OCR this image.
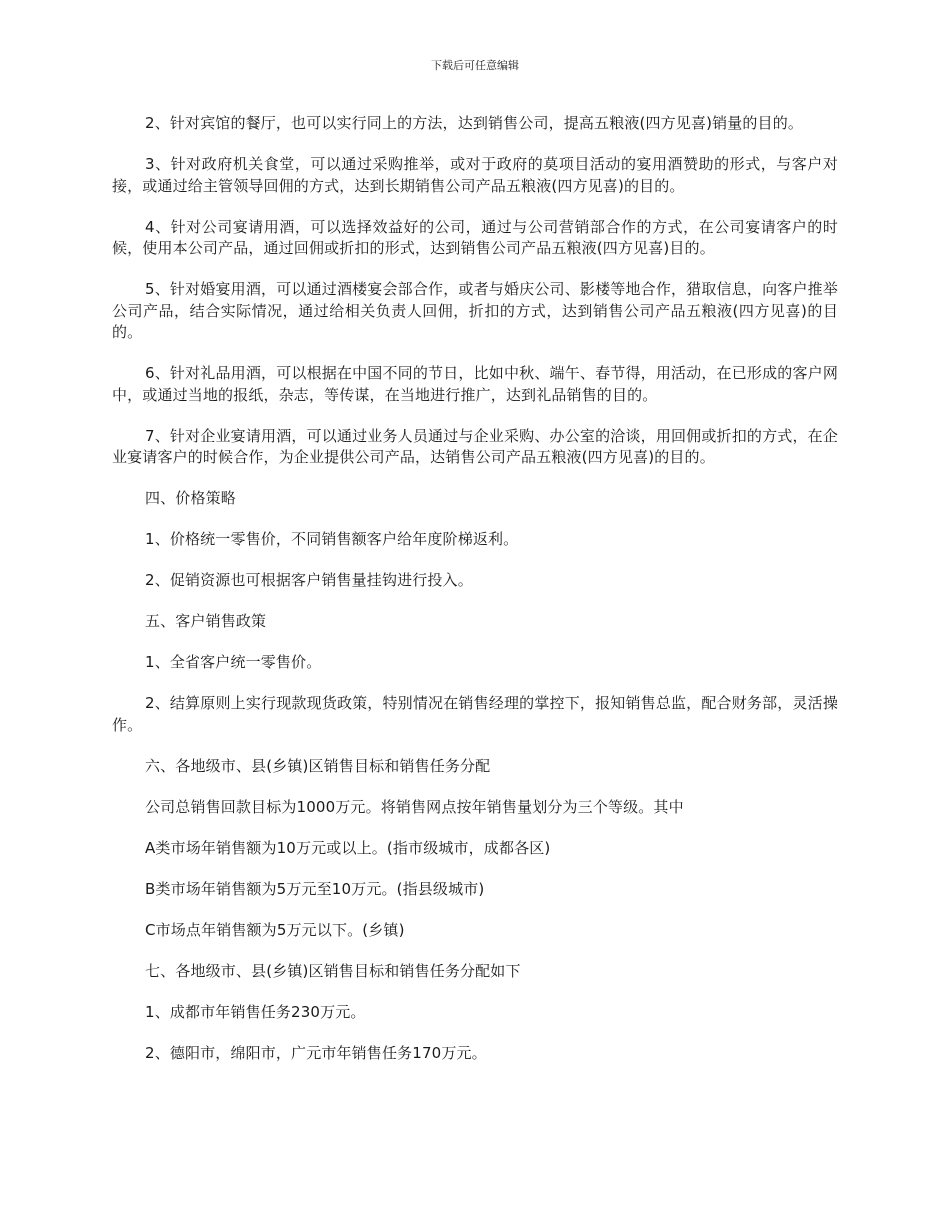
下载后可任意编辑

2、针对宾馆的餐厅，也可以实行同上的方法，达到销售公司，提高五粮液(四方见喜)销量的目的。

3、针对政府机关食堂，可以通过采购推举，或对于政府的莫项目活动的宴用酒赞助的形式，与客户对接，或通过给主管领导回佣的方式，达到长期销售公司产品五粮液(四方见喜)的目的。

4、针对公司宴请用酒，可以选择效益好的公司，通过与公司营销部合作的方式，在公司宴请客户的时候，使用本公司产品，通过回佣或折扣的形式，达到销售公司产品五粮液(四方见喜)目的。

5、针对婚宴用酒，可以通过酒楼宴会部合作，或者与婚庆公司、影楼等地合作，猎取信息，向客户推举公司产品，结合实际情况，通过给相关负责人回佣，折扣的方式，达到销售公司产品五粮液(四方见喜)的目的。

6、针对礼品用酒，可以根据在中国不同的节日，比如中秋、端午、春节得，用活动，在已形成的客户网中，或通过当地的报纸，杂志，等传谋，在当地进行推广，达到礼品销售的目的。

7、针对企业宴请用酒，可以通过业务人员通过与企业采购、办公室的洽谈，用回佣或折扣的方式，在企业宴请客户的时候合作，为企业提供公司产品，达销售公司产品五粮液(四方见喜)的目的。

四、价格策略

1、价格统一零售价，不同销售额客户给年度阶梯返利。

2、促销资源也可根据客户销售量挂钩进行投入。

五、客户销售政策

1、全省客户统一零售价。

2、结算原则上实行现款现货政策，特别情况在销售经理的掌控下，报知销售总监，配合财务部，灵活操作。

六、各地级市、县(乡镇)区销售目标和销售任务分配

公司总销售回款目标为1000万元。将销售网点按年销售量划分为三个等级。其中

A类市场年销售额为10万元或以上。(指市级城市，成都各区)

B类市场年销售额为5万元至10万元。(指县级城市)

C市场点年销售额为5万元以下。(乡镇)

七、各地级市、县(乡镇)区销售目标和销售任务分配如下

1、成都市年销售任务230万元。

2、德阳市，绵阳市，广元市年销售任务170万元。
